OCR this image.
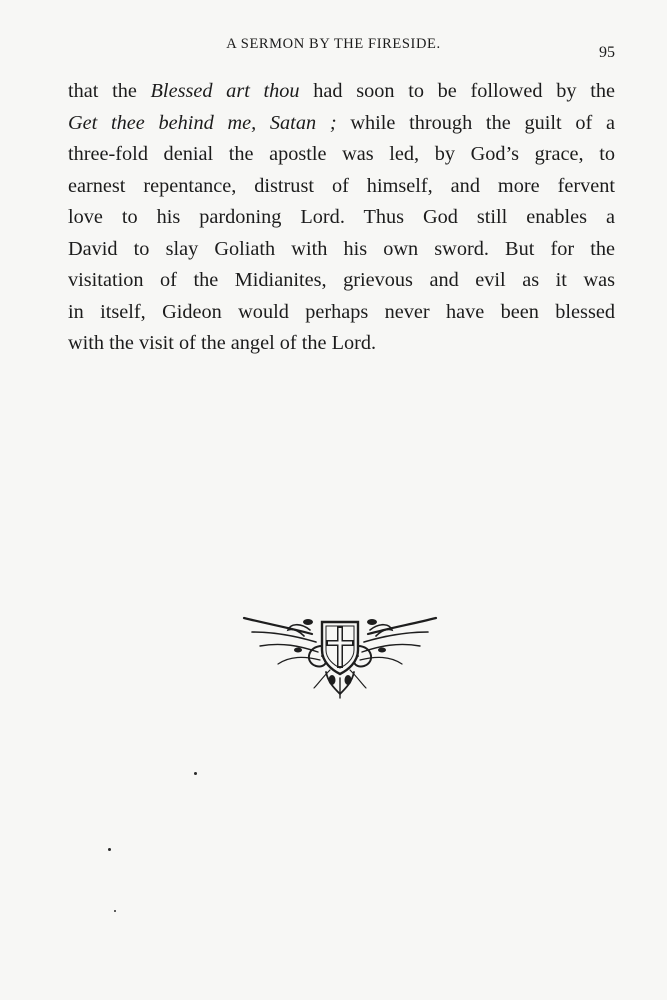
A SERMON BY THE FIRESIDE.	95
that the Blessed art thou had soon to be followed by the
Get thee behind me, Satan ; while through the guilt of a
three-fold denial the apostle was led, by God’s grace, to
earnest repentance, distrust of himself, and more fervent
love to his pardoning Lord. Thus God still enables a
David to slay Goliath with his own sword. But for the
visitation of the Midianites, grievous and evil as it was
in itself, Gideon would perhaps never have been blessed
with the visit of the angel of the Lord.
